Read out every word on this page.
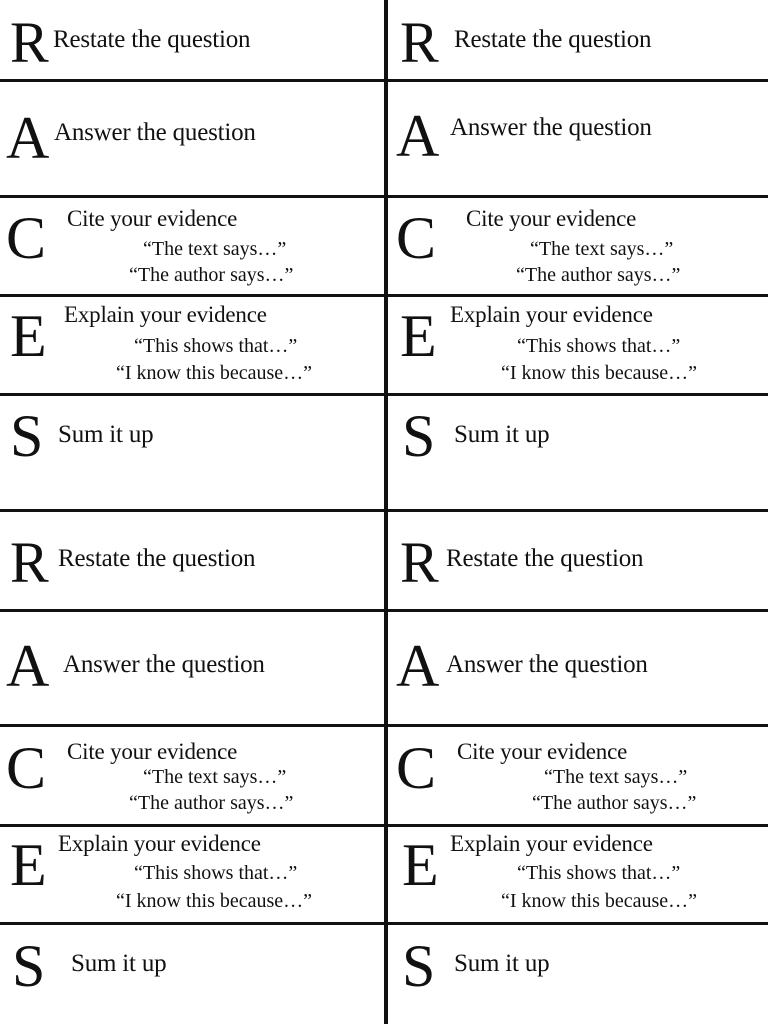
R Restate the question
A Answer the question
C Cite your evidence
“The text says…”
“The author says…”
E Explain your evidence
“This shows that…”
“I know this because…”
S Sum it up
R Restate the question
A Answer the question
C Cite your evidence
“The text says…”
“The author says…”
E Explain your evidence
“This shows that…”
“I know this because…”
S Sum it up
R Restate the question
A Answer the question
C Cite your evidence
“The text says…”
“The author says…”
E Explain your evidence
“This shows that…”
“I know this because…”
S Sum it up
R Restate the question
A Answer the question
C Cite your evidence
“The text says…”
“The author says…”
E Explain your evidence
“This shows that…”
“I know this because…”
S Sum it up
